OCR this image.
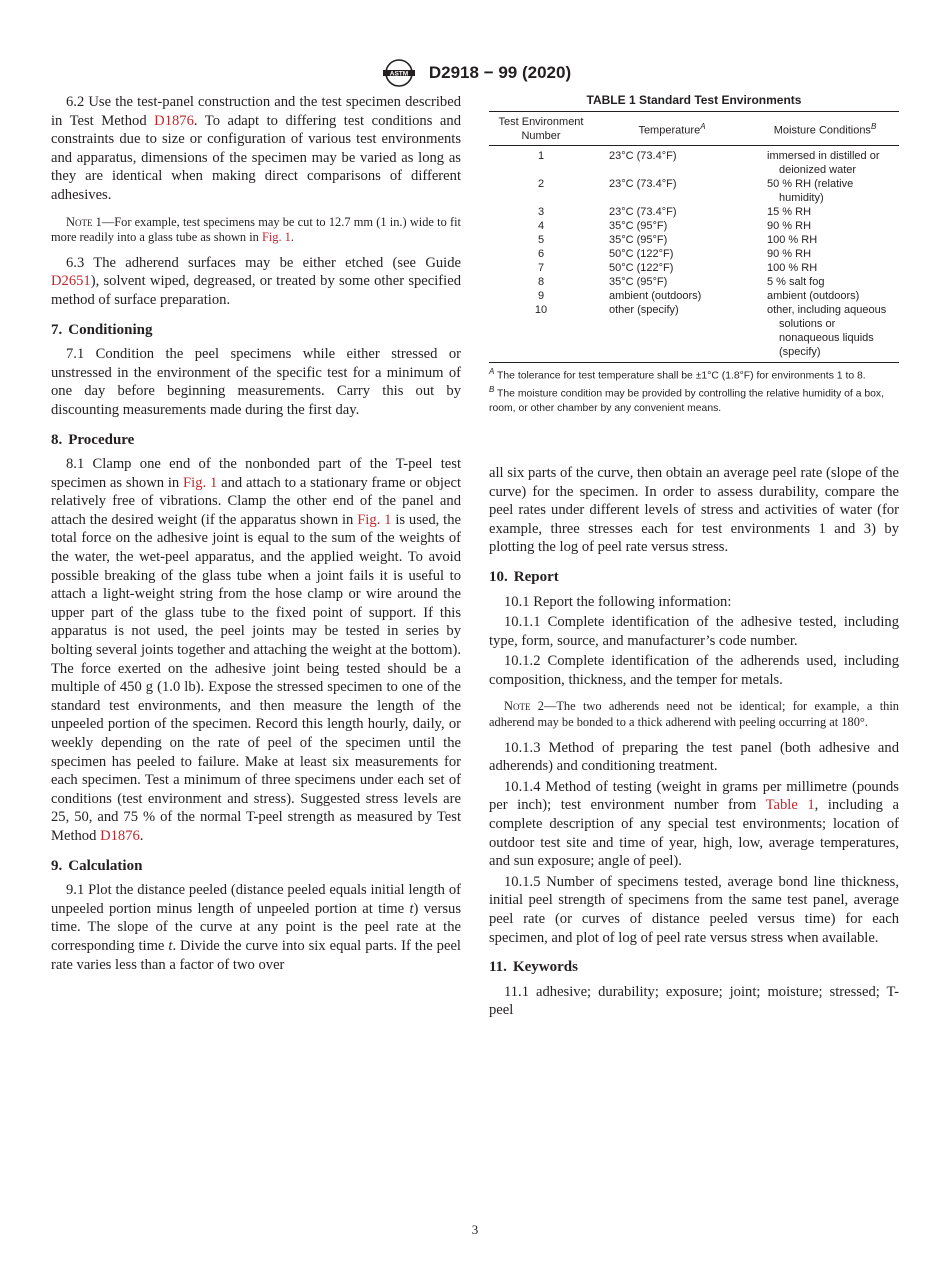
ASTM D2918 − 99 (2020)

6.2 Use the test-panel construction and the test specimen described in Test Method D1876. To adapt to differing test conditions and constraints due to size or configuration of various test environments and apparatus, dimensions of the specimen may be varied as long as they are identical when making direct comparisons of different adhesives.

Note 1—For example, test specimens may be cut to 12.7 mm (1 in.) wide to fit more readily into a glass tube as shown in Fig. 1.

6.3 The adherend surfaces may be either etched (see Guide D2651), solvent wiped, degreased, or treated by some other specified method of surface preparation.

7. Conditioning

7.1 Condition the peel specimens while either stressed or unstressed in the environment of the specific test for a minimum of one day before beginning measurements. Carry this out by discounting measurements made during the first day.

8. Procedure

8.1 Clamp one end of the nonbonded part of the T-peel test specimen as shown in Fig. 1 and attach to a stationary frame or object relatively free of vibrations. Clamp the other end of the panel and attach the desired weight (if the apparatus shown in Fig. 1 is used, the total force on the adhesive joint is equal to the sum of the weights of the water, the wet-peel apparatus, and the applied weight. To avoid possible breaking of the glass tube when a joint fails it is useful to attach a light-weight string from the hose clamp or wire around the upper part of the glass tube to the fixed point of support. If this apparatus is not used, the peel joints may be tested in series by bolting several joints together and attaching the weight at the bottom). The force exerted on the adhesive joint being tested should be a multiple of 450 g (1.0 lb). Expose the stressed specimen to one of the standard test environments, and then measure the length of the unpeeled portion of the specimen. Record this length hourly, daily, or weekly depending on the rate of peel of the specimen until the specimen has peeled to failure. Make at least six measurements for each specimen. Test a minimum of three specimens under each set of conditions (test environment and stress). Suggested stress levels are 25, 50, and 75 % of the normal T-peel strength as measured by Test Method D1876.

9. Calculation

9.1 Plot the distance peeled (distance peeled equals initial length of unpeeled portion minus length of unpeeled portion at time t) versus time. The slope of the curve at any point is the peel rate at the corresponding time t. Divide the curve into six equal parts. If the peel rate varies less than a factor of two over

TABLE 1 Standard Test Environments
Test Environment
Number	Temperature$^A$	Moisture Conditions$^B$
1	23°C (73.4°F)	immersed in distilled or deionized water

2	23°C (73.4°F)	50 % RH (relative humidity)

3	23°C (73.4°F)	15 % RH

4	35°C (95°F)	90 % RH

5	35°C (95°F)	100 % RH

6	50°C (122°F)	90 % RH

7	50°C (122°F)	100 % RH

8	35°C (95°F)	5 % salt fog

9	ambient (outdoors)	ambient (outdoors)

10	other (specify)	other, including aqueous solutions or nonaqueous liquids (specify)
$^A$ The tolerance for test temperature shall be ±1°C (1.8°F) for environments 1 to 8.
$^B$ The moisture condition may be provided by controlling the relative humidity of a box, room, or other chamber by any convenient means.

all six parts of the curve, then obtain an average peel rate (slope of the curve) for the specimen. In order to assess durability, compare the peel rates under different levels of stress and activities of water (for example, three stresses each for test environments 1 and 3) by plotting the log of peel rate versus stress.

10. Report

10.1 Report the following information:

10.1.1 Complete identification of the adhesive tested, including type, form, source, and manufacturer’s code number.

10.1.2 Complete identification of the adherends used, including composition, thickness, and the temper for metals.

Note 2—The two adherends need not be identical; for example, a thin adherend may be bonded to a thick adherend with peeling occurring at 180°.

10.1.3 Method of preparing the test panel (both adhesive and adherends) and conditioning treatment.

10.1.4 Method of testing (weight in grams per millimetre (pounds per inch); test environment number from Table 1, including a complete description of any special test environments; location of outdoor test site and time of year, high, low, average temperatures, and sun exposure; angle of peel).

10.1.5 Number of specimens tested, average bond line thickness, initial peel strength of specimens from the same test panel, average peel rate (or curves of distance peeled versus time) for each specimen, and plot of log of peel rate versus stress when available.

11. Keywords

11.1 adhesive; durability; exposure; joint; moisture; stressed; T-peel

3
